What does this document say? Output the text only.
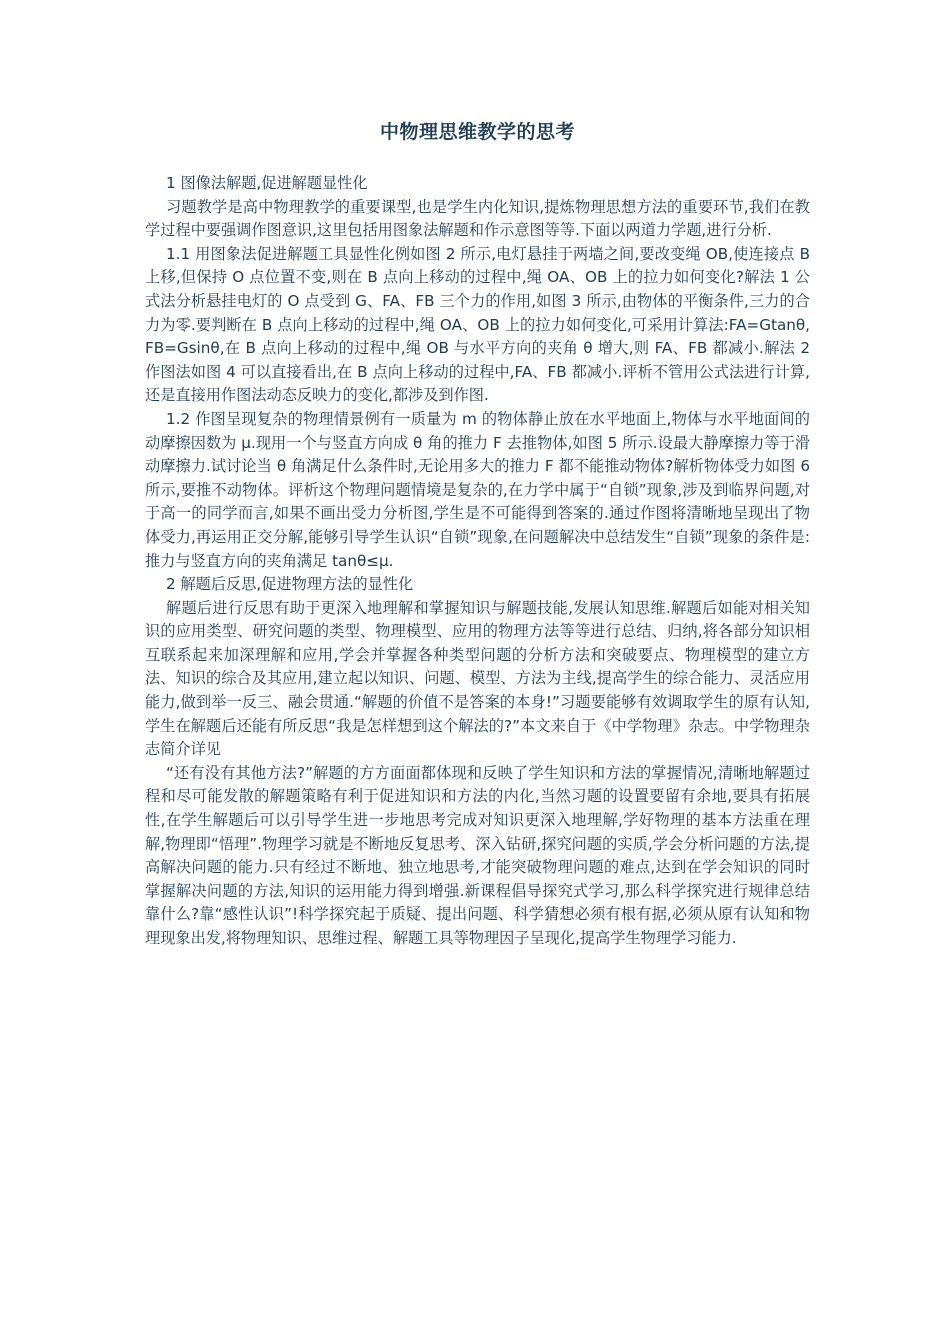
中物理思维教学的思考

1 图像法解题,促进解题显性化

习题教学是高中物理教学的重要课型,也是学生内化知识,提炼物理思想方法的重要环节,我们在教学过程中要强调作图意识,这里包括用图象法解题和作示意图等等.下面以两道力学题,进行分析.

1.1 用图象法促进解题工具显性化例如图 2 所示,电灯悬挂于两墙之间,要改变绳 OB,使连接点 B 上移,但保持 O 点位置不变,则在 B 点向上移动的过程中,绳 OA、OB 上的拉力如何变化?解法 1 公式法分析悬挂电灯的 O 点受到 G、FA、FB 三个力的作用,如图 3 所示,由物体的平衡条件,三力的合力为零.要判断在 B 点向上移动的过程中,绳 OA、OB 上的拉力如何变化,可采用计算法:FA=Gtanθ,FB=Gsinθ,在 B 点向上移动的过程中,绳 OB 与水平方向的夹角 θ 增大,则 FA、FB 都减小.解法 2 作图法如图 4 可以直接看出,在 B 点向上移动的过程中,FA、FB 都减小.评析不管用公式法进行计算,还是直接用作图法动态反映力的变化,都涉及到作图.

1.2 作图呈现复杂的物理情景例有一质量为 m 的物体静止放在水平地面上,物体与水平地面间的动摩擦因数为 μ.现用一个与竖直方向成 θ 角的推力 F 去推物体,如图 5 所示.设最大静摩擦力等于滑动摩擦力.试讨论当 θ 角满足什么条件时,无论用多大的推力 F 都不能推动物体?解析物体受力如图 6 所示,要推不动物体。评析这个物理问题情境是复杂的,在力学中属于“自锁”现象,涉及到临界问题,对于高一的同学而言,如果不画出受力分析图,学生是不可能得到答案的.通过作图将清晰地呈现出了物体受力,再运用正交分解,能够引导学生认识“自锁”现象,在问题解决中总结发生“自锁”现象的条件是:推力与竖直方向的夹角满足 tanθ≤μ.

2 解题后反思,促进物理方法的显性化

解题后进行反思有助于更深入地理解和掌握知识与解题技能,发展认知思维.解题后如能对相关知识的应用类型、研究问题的类型、物理模型、应用的物理方法等等进行总结、归纳,将各部分知识相互联系起来加深理解和应用,学会并掌握各种类型问题的分析方法和突破要点、物理模型的建立方法、知识的综合及其应用,建立起以知识、问题、模型、方法为主线,提高学生的综合能力、灵活应用能力,做到举一反三、融会贯通.“解题的价值不是答案的本身!”习题要能够有效调取学生的原有认知,学生在解题后还能有所反思“我是怎样想到这个解法的?”本文来自于《中学物理》杂志。中学物理杂志简介详见

“还有没有其他方法?”解题的方方面面都体现和反映了学生知识和方法的掌握情况,清晰地解题过程和尽可能发散的解题策略有利于促进知识和方法的内化,当然习题的设置要留有余地,要具有拓展性,在学生解题后可以引导学生进一步地思考完成对知识更深入地理解,学好物理的基本方法重在理解,物理即“悟理”.物理学习就是不断地反复思考、深入钻研,探究问题的实质,学会分析问题的方法,提高解决问题的能力.只有经过不断地、独立地思考,才能突破物理问题的难点,达到在学会知识的同时掌握解决问题的方法,知识的运用能力得到增强.新课程倡导探究式学习,那么科学探究进行规律总结靠什么?靠“感性认识”!科学探究起于质疑、提出问题、科学猜想必须有根有据,必须从原有认知和物理现象出发,将物理知识、思维过程、解题工具等物理因子呈现化,提高学生物理学习能力.
